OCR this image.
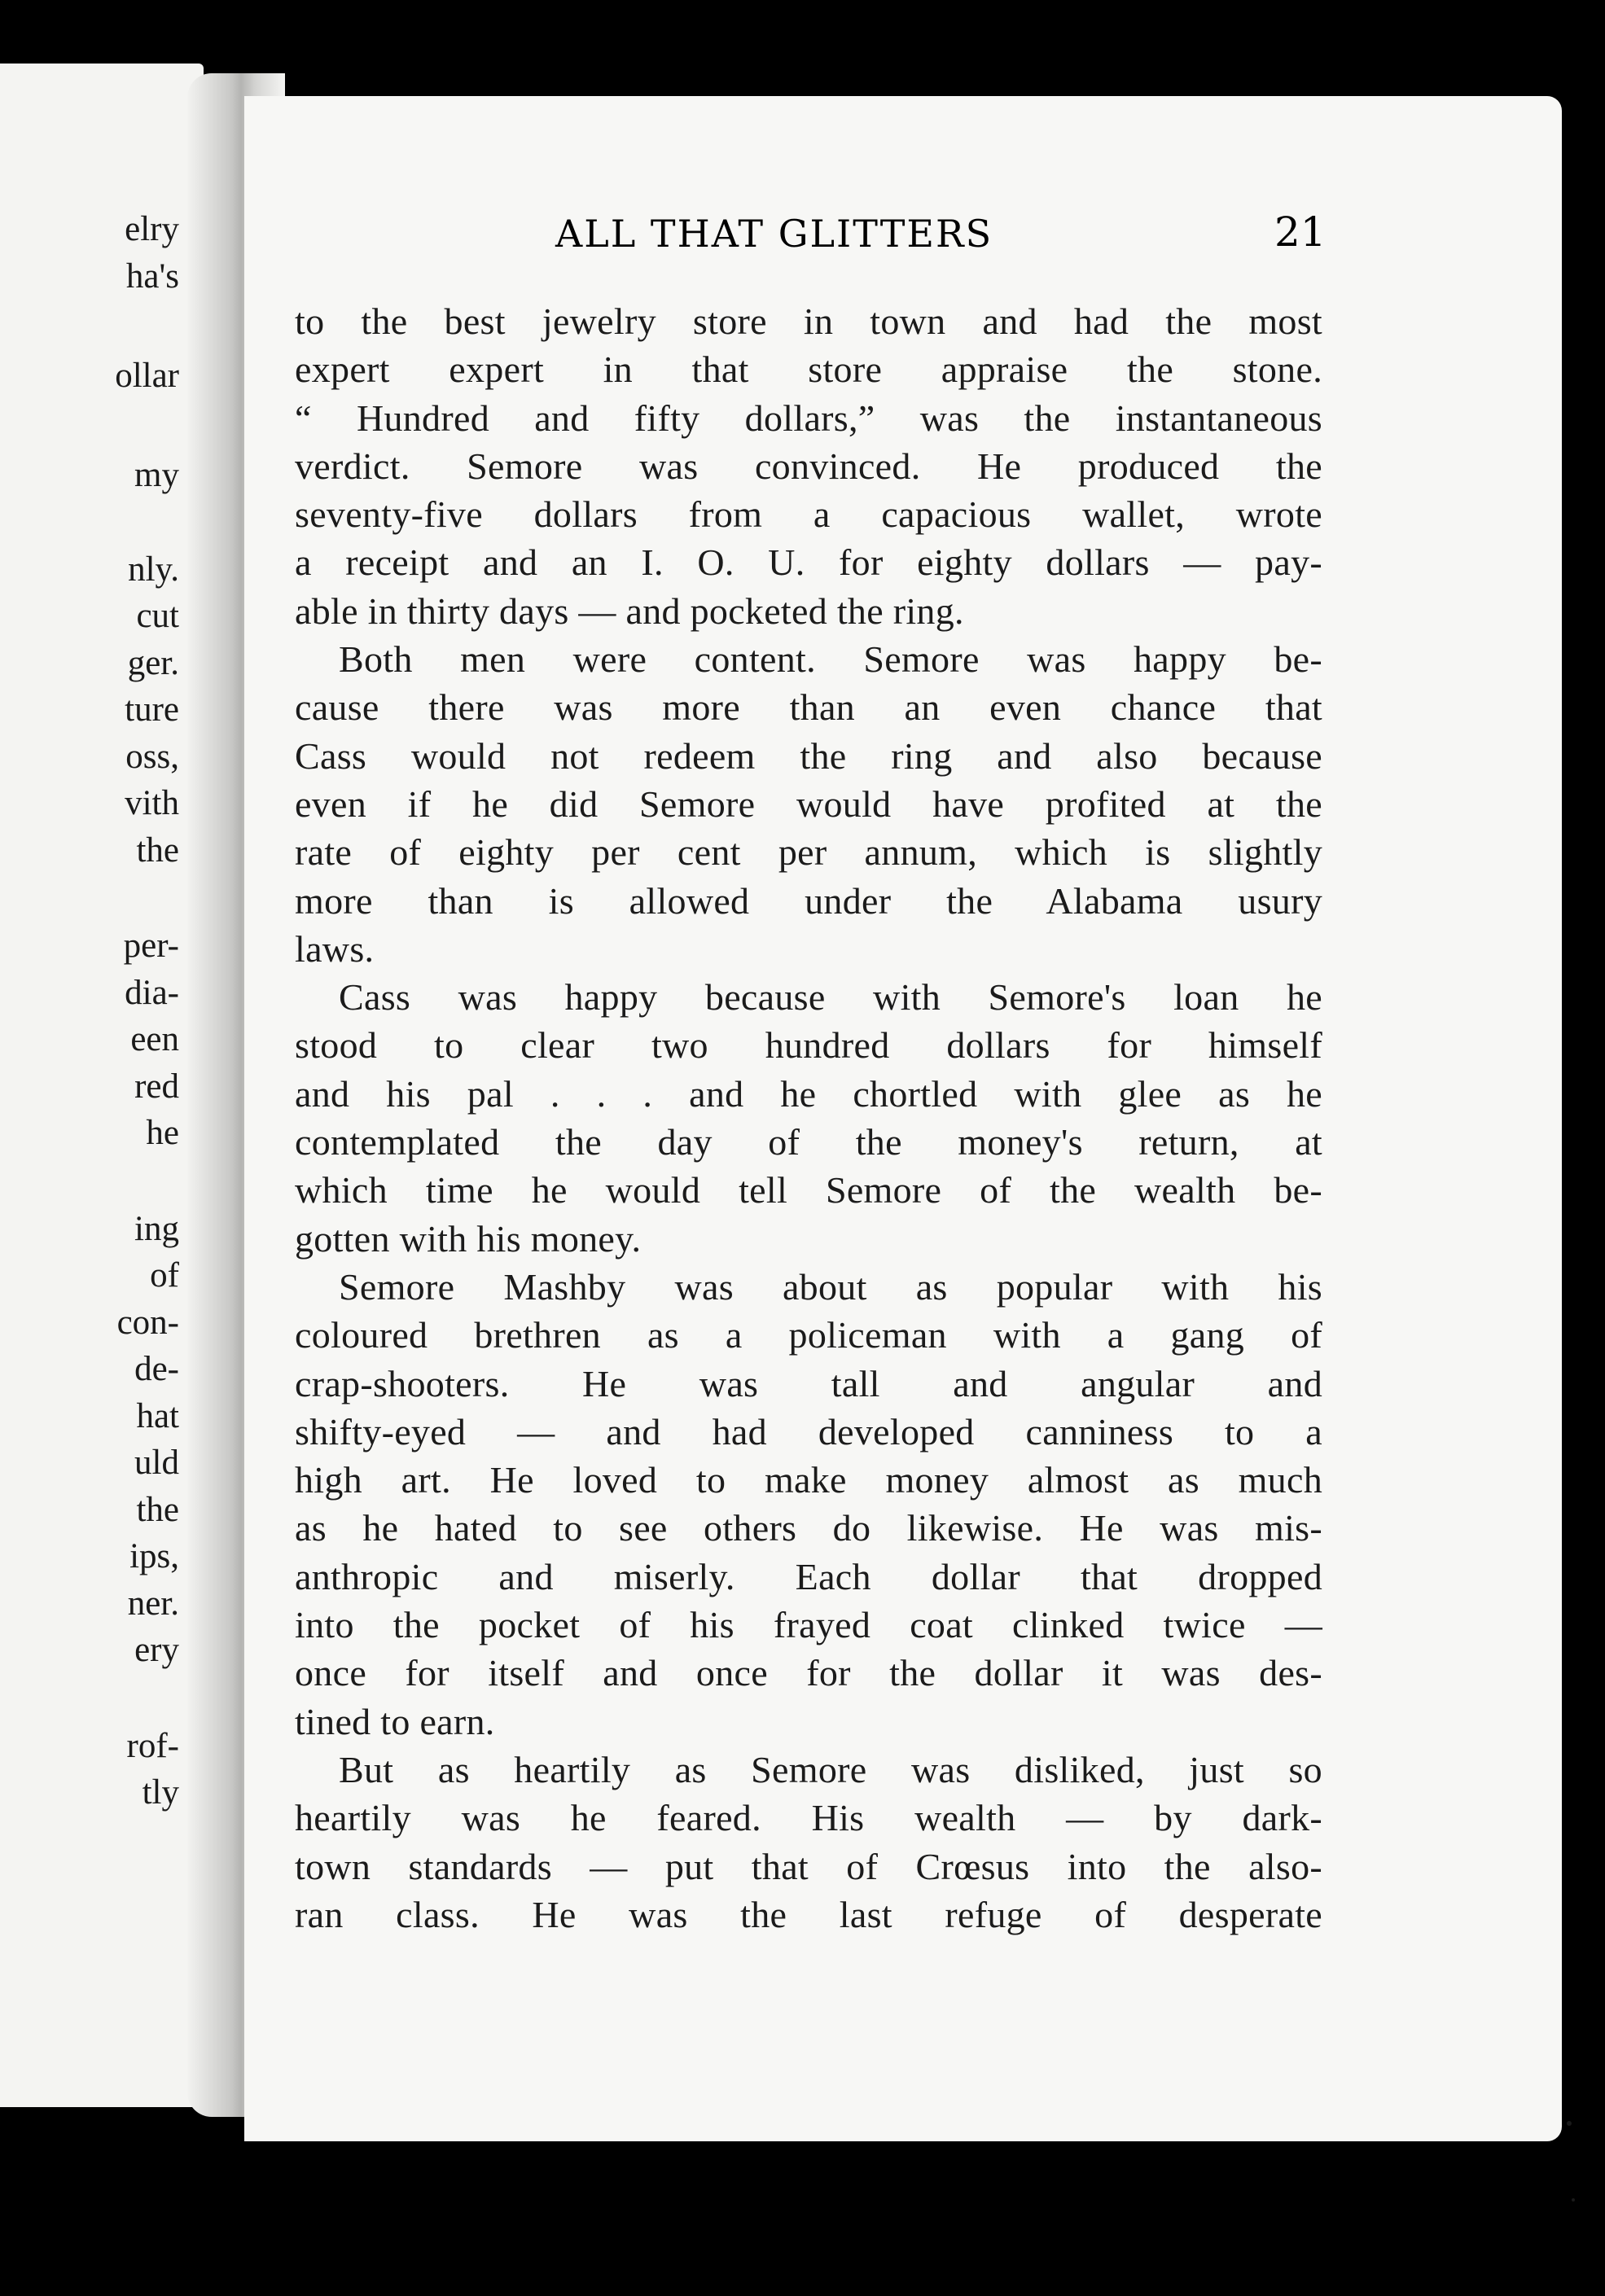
elry
ha's
ollar
my
nly.
cut
ger.
ture
oss,
vith
the
per-
dia-
een
red
he
ing
of
con-
de-
hat
uld
the
ips,
ner.
ery
rof-
tly
ALL THAT GLITTERS	21
to the best jewelry store in town and had the most
expert expert in that store appraise the stone.
“ Hundred and fifty dollars,” was the instantaneous
verdict. Semore was convinced. He produced the
seventy-five dollars from a capacious wallet, wrote
a receipt and an I. O. U. for eighty dollars — pay-
able in thirty days — and pocketed the ring.
Both men were content. Semore was happy be-
cause there was more than an even chance that
Cass would not redeem the ring and also because
even if he did Semore would have profited at the
rate of eighty per cent per annum, which is slightly
more than is allowed under the Alabama usury
laws.
Cass was happy because with Semore's loan he
stood to clear two hundred dollars for himself
and his pal . . . and he chortled with glee as he
contemplated the day of the money's return, at
which time he would tell Semore of the wealth be-
gotten with his money.
Semore Mashby was about as popular with his
coloured brethren as a policeman with a gang of
crap-shooters. He was tall and angular and
shifty-eyed — and had developed canniness to a
high art. He loved to make money almost as much
as he hated to see others do likewise. He was mis-
anthropic and miserly. Each dollar that dropped
into the pocket of his frayed coat clinked twice —
once for itself and once for the dollar it was des-
tined to earn.
But as heartily as Semore was disliked, just so
heartily was he feared. His wealth — by dark-
town standards — put that of Crœsus into the also-
ran class. He was the last refuge of desperate
